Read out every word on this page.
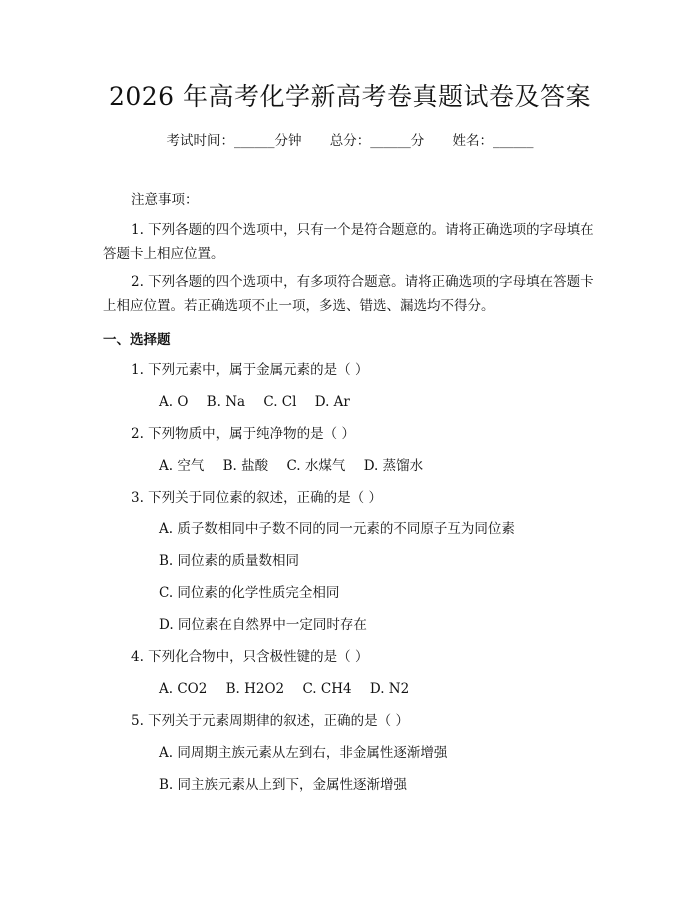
2026 年高考化学新高考卷真题试卷及答案
考试时间：______分钟 总分：______分 姓名：______
注意事项：
1. 下列各题的四个选项中，只有一个是符合题意的。请将正确选项的字母填在答题卡上相应位置。
2. 下列各题的四个选项中，有多项符合题意。请将正确选项的字母填在答题卡上相应位置。若正确选项不止一项，多选、错选、漏选均不得分。
一、选择题
1. 下列元素中，属于金属元素的是（ ）
A. O B. Na C. Cl D. Ar
2. 下列物质中，属于纯净物的是（ ）
A. 空气 B. 盐酸 C. 水煤气 D. 蒸馏水
3. 下列关于同位素的叙述，正确的是（ ）
A. 质子数相同中子数不同的同一元素的不同原子互为同位素
B. 同位素的质量数相同
C. 同位素的化学性质完全相同
D. 同位素在自然界中一定同时存在
4. 下列化合物中，只含极性键的是（ ）
A. CO2 B. H2O2 C. CH4 D. N2
5. 下列关于元素周期律的叙述，正确的是（ ）
A. 同周期主族元素从左到右，非金属性逐渐增强
B. 同主族元素从上到下，金属性逐渐增强
